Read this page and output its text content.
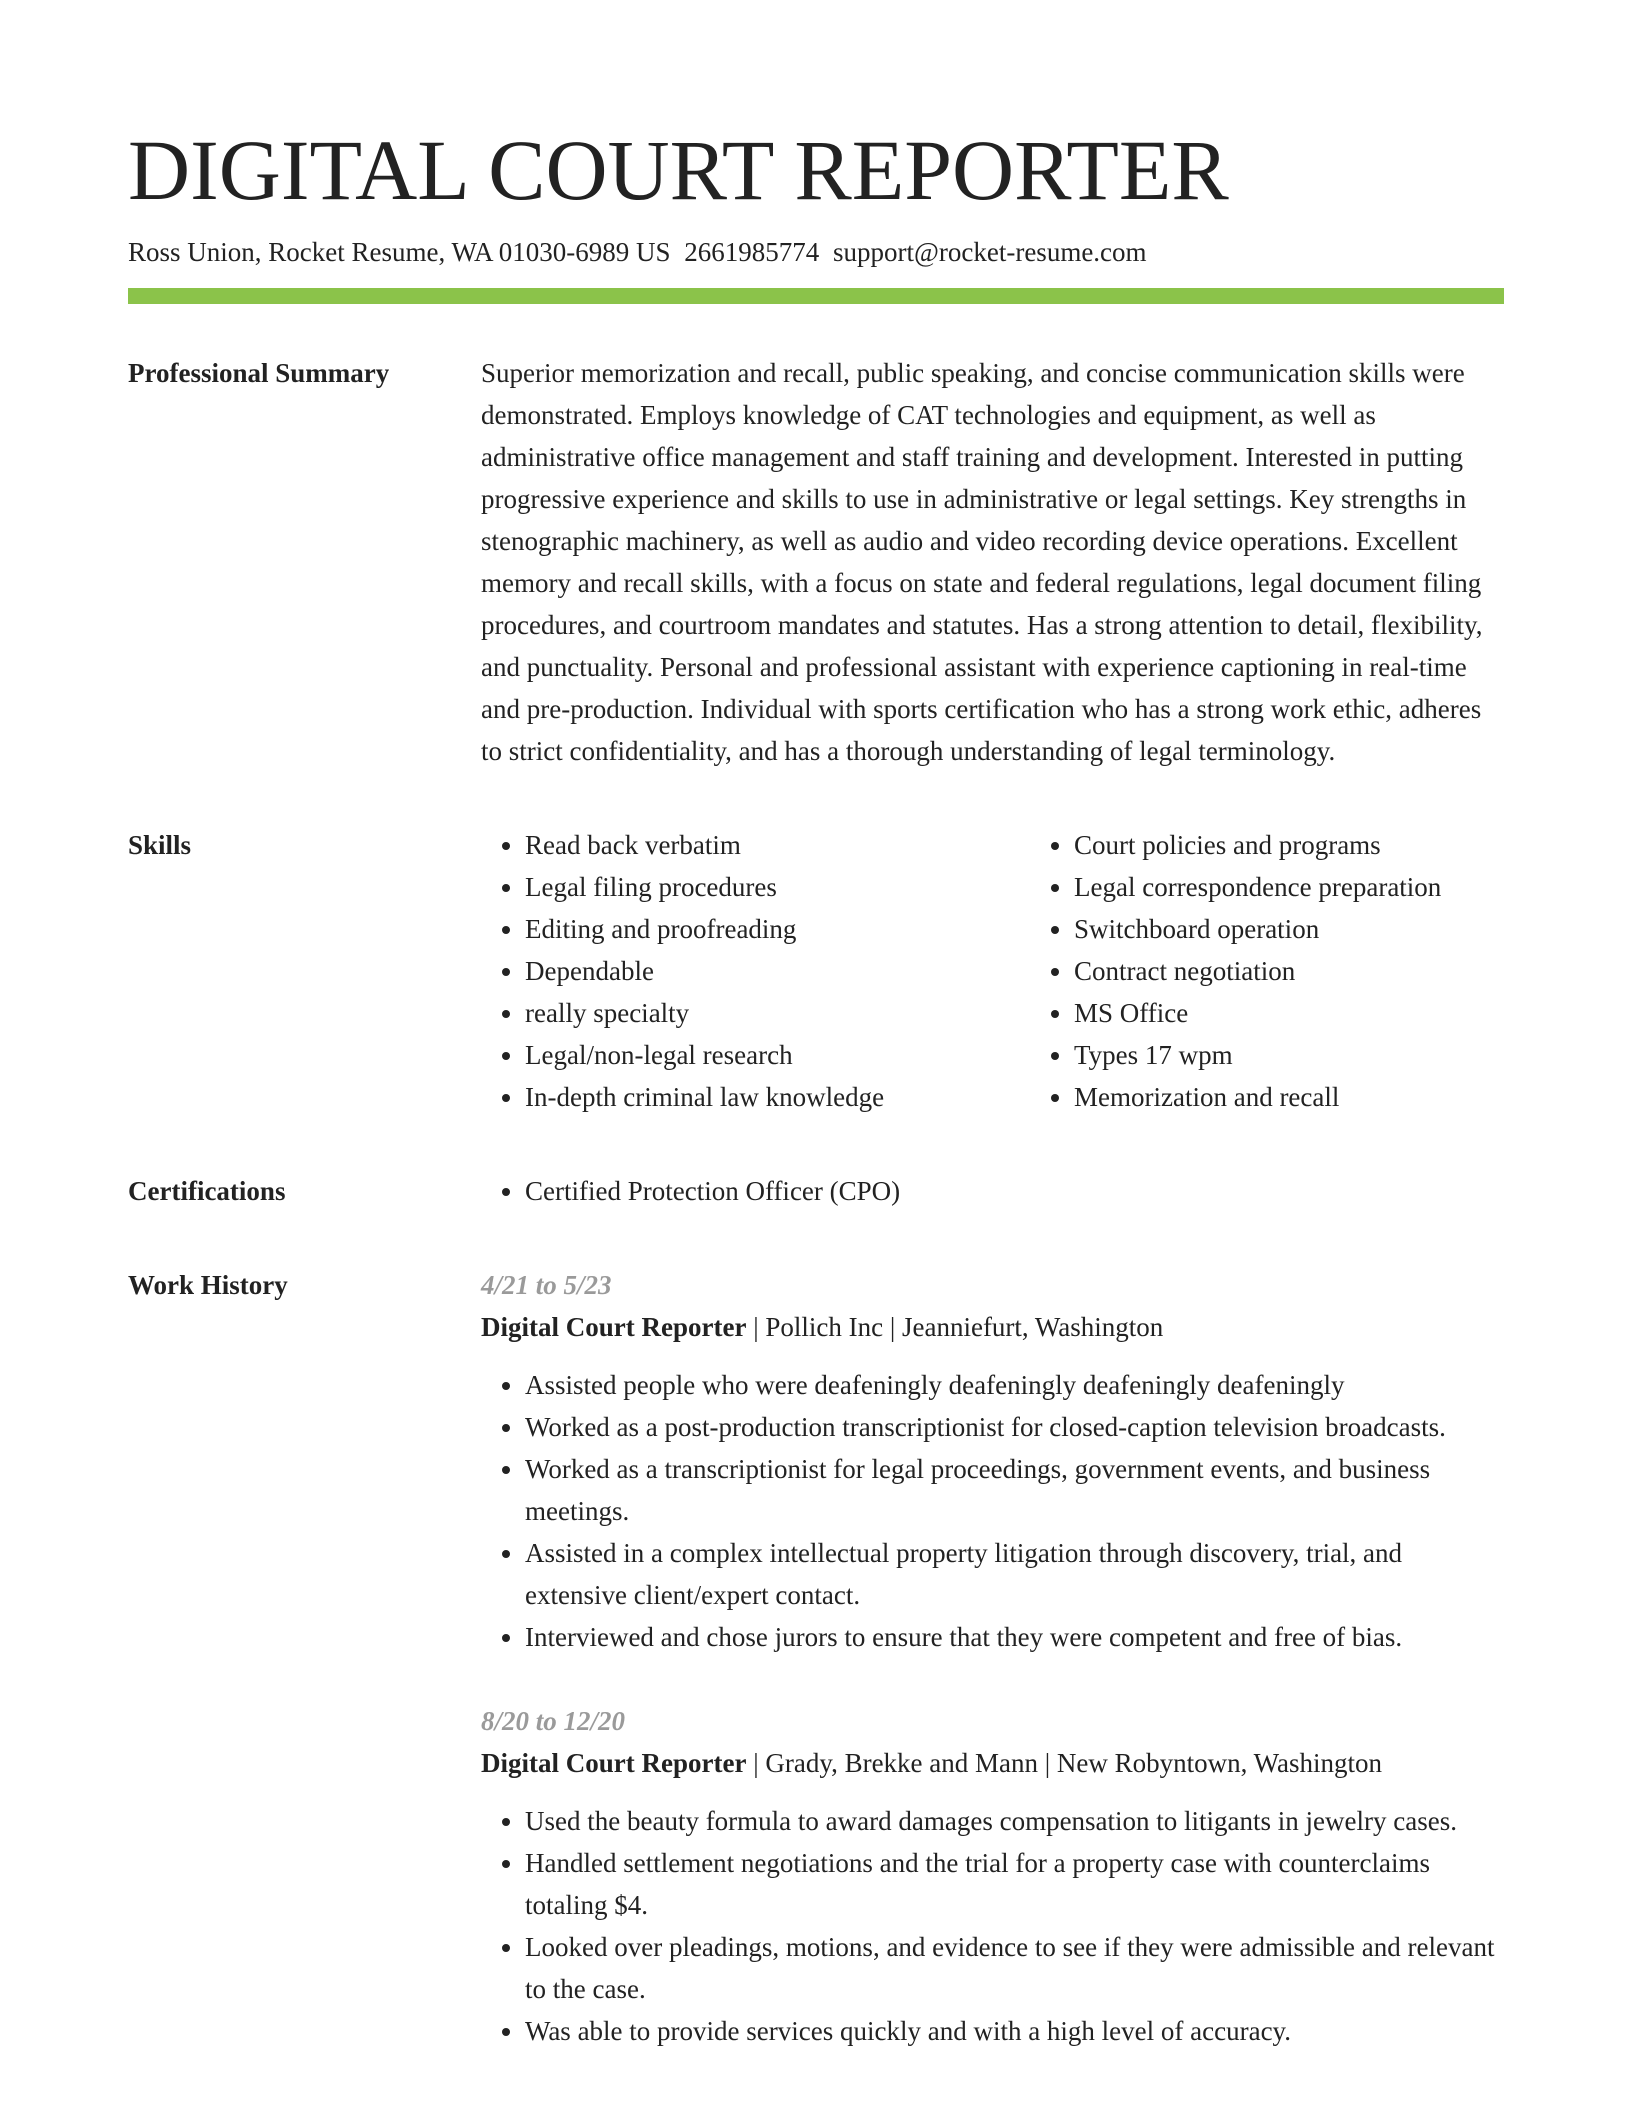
DIGITAL COURT REPORTER
Ross Union, Rocket Resume, WA 01030-6989 US 2661985774 support@rocket-resume.com
Professional Summary	Superior memorization and recall, public speaking, and concise communication skills were demonstrated. Employs knowledge of CAT technologies and equipment, as well as administrative office management and staff training and development. Interested in putting progressive experience and skills to use in administrative or legal settings. Key strengths in stenographic machinery, as well as audio and video recording device operations. Excellent memory and recall skills, with a focus on state and federal regulations, legal document filing procedures, and courtroom mandates and statutes. Has a strong attention to detail, flexibility, and punctuality. Personal and professional assistant with experience captioning in real-time and pre-production. Individual with sports certification who has a strong work ethic, adheres to strict confidentiality, and has a thorough understanding of legal terminology.

Skills	• Read back verbatim
• Legal filing procedures
• Editing and proofreading
• Dependable
• really specialty
• Legal/non-legal research
• In-depth criminal law knowledge
• Court policies and programs
• Legal correspondence preparation
• Switchboard operation
• Contract negotiation
• MS Office
• Types 17 wpm
• Memorization and recall
Certifications	• Certified Protection Officer (CPO)
Work History	4/21 to 5/23
Digital Court Reporter | Pollich Inc | Jeanniefurt, Washington
• Assisted people who were deafeningly deafeningly deafeningly deafeningly
• Worked as a post-production transcriptionist for closed-caption television broadcasts.
• Worked as a transcriptionist for legal proceedings, government events, and business meetings.
• Assisted in a complex intellectual property litigation through discovery, trial, and extensive client/expert contact.
• Interviewed and chose jurors to ensure that they were competent and free of bias.
8/20 to 12/20
Digital Court Reporter | Grady, Brekke and Mann | New Robyntown, Washington
• Used the beauty formula to award damages compensation to litigants in jewelry cases.
• Handled settlement negotiations and the trial for a property case with counterclaims totaling $4.
• Looked over pleadings, motions, and evidence to see if they were admissible and relevant to the case.
• Was able to provide services quickly and with a high level of accuracy.
